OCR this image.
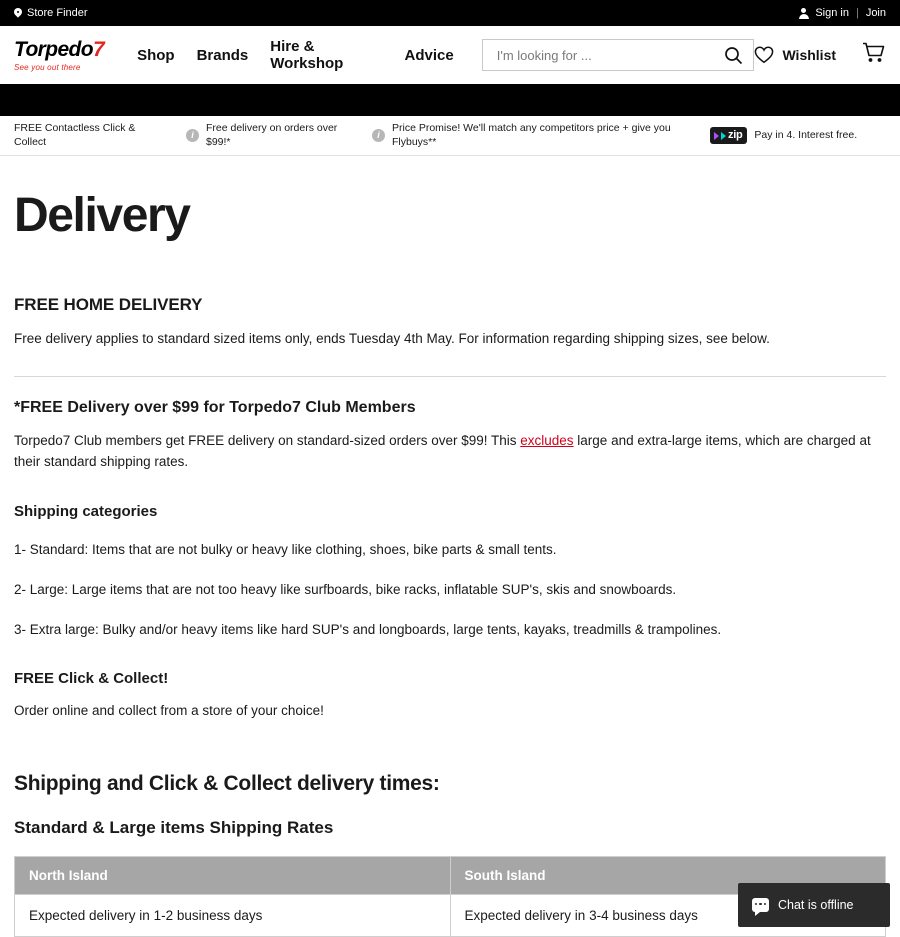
Store Finder	Sign in | Join
Torpedo7
See you out there
Shop Brands Hire & Workshop	Advice
I'm looking for ...	Wishlist
FREE Contactless Click & Collect
i
Free delivery on orders over $99!*
i
Price Promise! We'll match any competitors price + give you Flybuys**
zip Pay in 4. Interest free.
Delivery
FREE HOME DELIVERY

Free delivery applies to standard sized items only, ends Tuesday 4th May. For information regarding shipping sizes, see below.

*FREE Delivery over $99 for Torpedo7 Club Members

Torpedo7 Club members get FREE delivery on standard-sized orders over $99! This excludes large and extra-large items, which are charged at their standard shipping rates.

Shipping categories

1- Standard: Items that are not bulky or heavy like clothing, shoes, bike parts & small tents.

2- Large: Large items that are not too heavy like surfboards, bike racks, inflatable SUP's, skis and snowboards.

3- Extra large: Bulky and/or heavy items like hard SUP's and longboards, large tents, kayaks, treadmills & trampolines.

FREE Click & Collect!

Order online and collect from a store of your choice!

Shipping and Click & Collect delivery times:
Standard & Large items Shipping Rates
North Island	South Island
Expected delivery in 1-2 business days	Expected delivery in 3-4 business days
Chat is offline
